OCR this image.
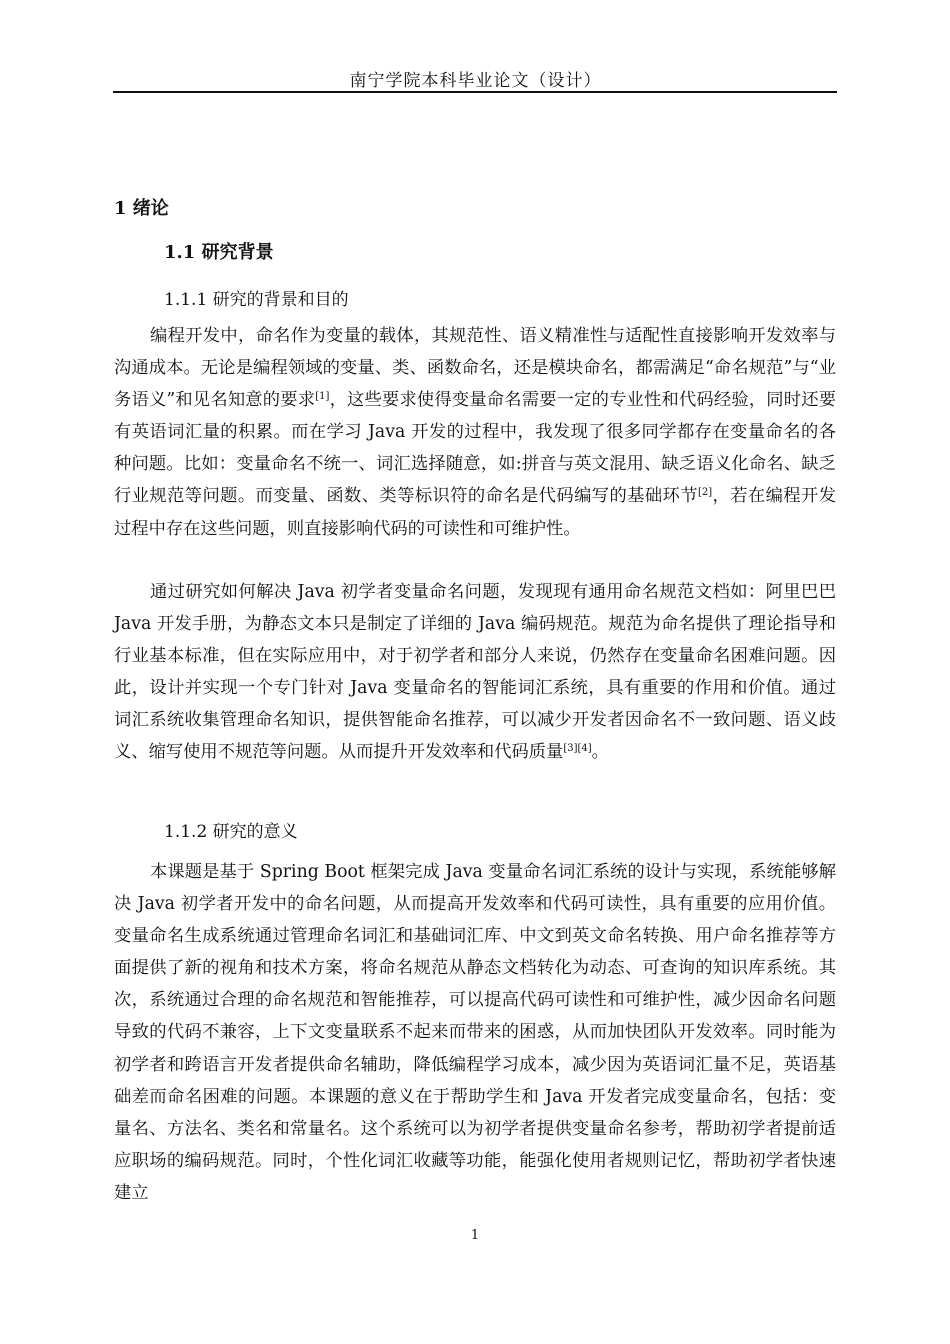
南宁学院本科毕业论文（设计）
1 绪论
1.1 研究背景
1.1.1 研究的背景和目的

编程开发中，命名作为变量的载体，其规范性、语义精准性与适配性直接影响开发效率与沟通成本。无论是编程领域的变量、类、函数命名，还是模块命名，都需满足“命名规范”与“业务语义”和见名知意的要求[1]，这些要求使得变量命名需要一定的专业性和代码经验，同时还要有英语词汇量的积累。而在学习 Java 开发的过程中，我发现了很多同学都存在变量命名的各种问题。比如：变量命名不统一、词汇选择随意，如:拼音与英文混用、缺乏语义化命名、缺乏行业规范等问题。而变量、函数、类等标识符的命名是代码编写的基础环节[2]，若在编程开发过程中存在这些问题，则直接影响代码的可读性和可维护性。

通过研究如何解决 Java 初学者变量命名问题，发现现有通用命名规范文档如：阿里巴巴 Java 开发手册，为静态文本只是制定了详细的 Java 编码规范。规范为命名提供了理论指导和行业基本标准，但在实际应用中，对于初学者和部分人来说，仍然存在变量命名困难问题。因此，设计并实现一个专门针对 Java 变量命名的智能词汇系统，具有重要的作用和价值。通过词汇系统收集管理命名知识，提供智能命名推荐，可以减少开发者因命名不一致问题、语义歧义、缩写使用不规范等问题。从而提升开发效率和代码质量[3][4]。

1.1.2 研究的意义

本课题是基于 Spring Boot 框架完成 Java 变量命名词汇系统的设计与实现，系统能够解决 Java 初学者开发中的命名问题，从而提高开发效率和代码可读性，具有重要的应用价值。变量命名生成系统通过管理命名词汇和基础词汇库、中文到英文命名转换、用户命名推荐等方面提供了新的视角和技术方案，将命名规范从静态文档转化为动态、可查询的知识库系统。其次，系统通过合理的命名规范和智能推荐，可以提高代码可读性和可维护性，减少因命名问题导致的代码不兼容，上下文变量联系不起来而带来的困惑，从而加快团队开发效率。同时能为初学者和跨语言开发者提供命名辅助，降低编程学习成本，减少因为英语词汇量不足，英语基础差而命名困难的问题。本课题的意义在于帮助学生和 Java 开发者完成变量命名，包括：变量名、方法名、类名和常量名。这个系统可以为初学者提供变量命名参考，帮助初学者提前适应职场的编码规范。同时，个性化词汇收藏等功能，能强化使用者规则记忆，帮助初学者快速建立

1
